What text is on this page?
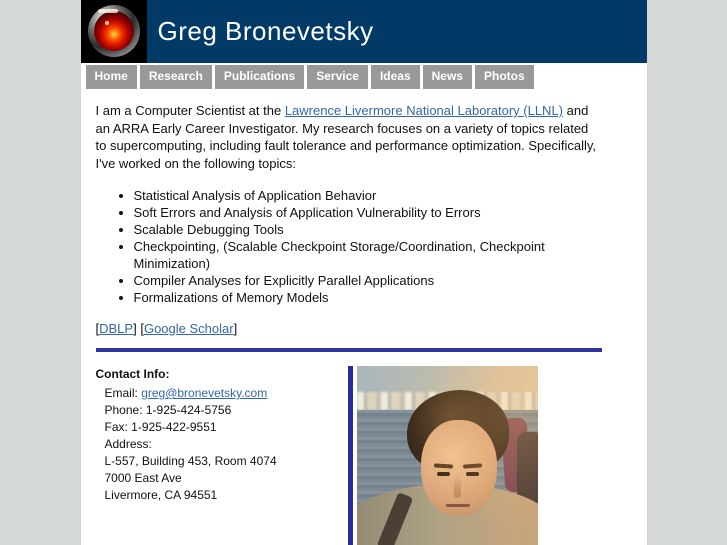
Greg Bronevetsky
Home	Research	Publications	Service	Ideas	News	Photos

I am a Computer Scientist at the Lawrence Livermore National Laboratory (LLNL) and an ARRA Early Career Investigator. My research focuses on a variety of topics related to supercomputing, including fault tolerance and performance optimization. Specifically, I've worked on the following topics:

• Statistical Analysis of Application Behavior
• Soft Errors and Analysis of Application Vulnerability to Errors
• Scalable Debugging Tools
• Checkpointing, (Scalable Checkpoint Storage/Coordination, Checkpoint Minimization)
• Compiler Analyses for Explicitly Parallel Applications
• Formalizations of Memory Models

[DBLP] [Google Scholar]

Contact Info:
Email: greg@bronevetsky.com
Phone: 1-925-424-5756
Fax: 1-925-422-9551
Address:
L-557, Building 453, Room 4074
7000 East Ave
Livermore, CA 94551
